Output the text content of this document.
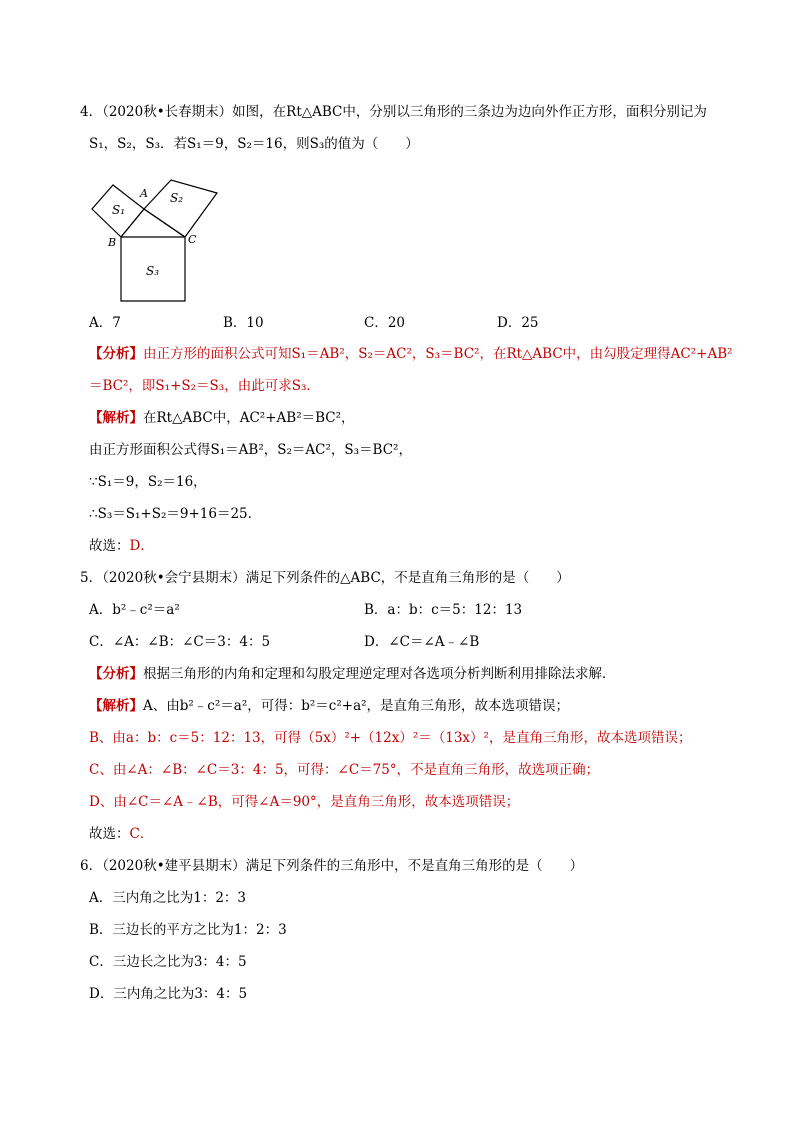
4．（2020秋•长春期末）如图，在Rt△ABC中，分别以三角形的三条边为边向外作正方形，面积分别记为
S₁，S₂，S₃．若S₁＝9，S₂＝16，则S₃的值为（　　）
A
B	C
S₁
S₂
S₃
A．7	B．10	C．20	D．25
【分析】由正方形的面积公式可知S₁＝AB²，S₂＝AC²，S₃＝BC²，在Rt△ABC中，由勾股定理得AC²+AB²
＝BC²，即S₁+S₂＝S₃，由此可求S₃．
【解析】在Rt△ABC中，AC²+AB²＝BC²，
由正方形面积公式得S₁＝AB²，S₂＝AC²，S₃＝BC²，
∵S₁＝9，S₂＝16，
∴S₃＝S₁+S₂＝9+16＝25．
故选：D．
5．（2020秋•会宁县期末）满足下列条件的△ABC，不是直角三角形的是（　　）
A．b²﹣c²＝a²	B．a：b：c＝5：12：13
C．∠A：∠B：∠C＝3：4：5	D．∠C＝∠A﹣∠B
【分析】根据三角形的内角和定理和勾股定理逆定理对各选项分析判断利用排除法求解．
【解析】A、由b²﹣c²＝a²，可得：b²＝c²+a²，是直角三角形，故本选项错误；
B、由a：b：c＝5：12：13，可得（5x）²+（12x）²＝（13x）²，是直角三角形，故本选项错误；
C、由∠A：∠B：∠C＝3：4：5，可得：∠C＝75°，不是直角三角形，故选项正确；
D、由∠C＝∠A﹣∠B，可得∠A＝90°，是直角三角形，故本选项错误；
故选：C．
6．（2020秋•建平县期末）满足下列条件的三角形中，不是直角三角形的是（　　）
A．三内角之比为1：2：3
B．三边长的平方之比为1：2：3
C．三边长之比为3：4：5
D．三内角之比为3：4：5
